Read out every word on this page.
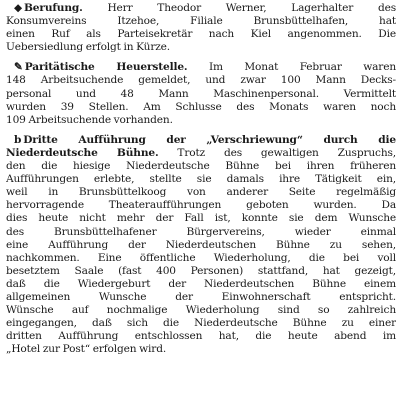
◆ Berufung. Herr Theodor Werner, Lagerhalter des
Konsumvereins Itzehoe, Filiale Brunsbüttelhafen, hat
einen Ruf als Parteisekretär nach Kiel angenommen. Die
Uebersiedlung erfolgt in Kürze.
✎ Paritätische Heuerstelle. Im Monat Februar waren
148 Arbeitsuchende gemeldet, und zwar 100 Mann Decks-
personal und 48 Mann Maschinenpersonal. Vermittelt
wurden 39 Stellen. Am Schlusse des Monats waren noch
109 Arbeitsuchende vorhanden.
b Dritte Aufführung der „Verschriewung“ durch die
Niederdeutsche Bühne. Trotz des gewaltigen Zuspruchs,
den die hiesige Niederdeutsche Bühne bei ihren früheren
Aufführungen erlebte, stellte sie damals ihre Tätigkeit ein,
weil in Brunsbüttelkoog von anderer Seite regelmäßig
hervorragende Theateraufführungen geboten wurden. Da
dies heute nicht mehr der Fall ist, konnte sie dem Wunsche
des Brunsbüttelhafener Bürgervereins, wieder einmal
eine Aufführung der Niederdeutschen Bühne zu sehen,
nachkommen. Eine öffentliche Wiederholung, die bei voll
besetztem Saale (fast 400 Personen) stattfand, hat gezeigt,
daß die Wiedergeburt der Niederdeutschen Bühne einem
allgemeinen Wunsche der Einwohnerschaft entspricht.
Wünsche auf nochmalige Wiederholung sind so zahlreich
eingegangen, daß sich die Niederdeutsche Bühne zu einer
dritten Aufführung entschlossen hat, die heute abend im
„Hotel zur Post“ erfolgen wird.
